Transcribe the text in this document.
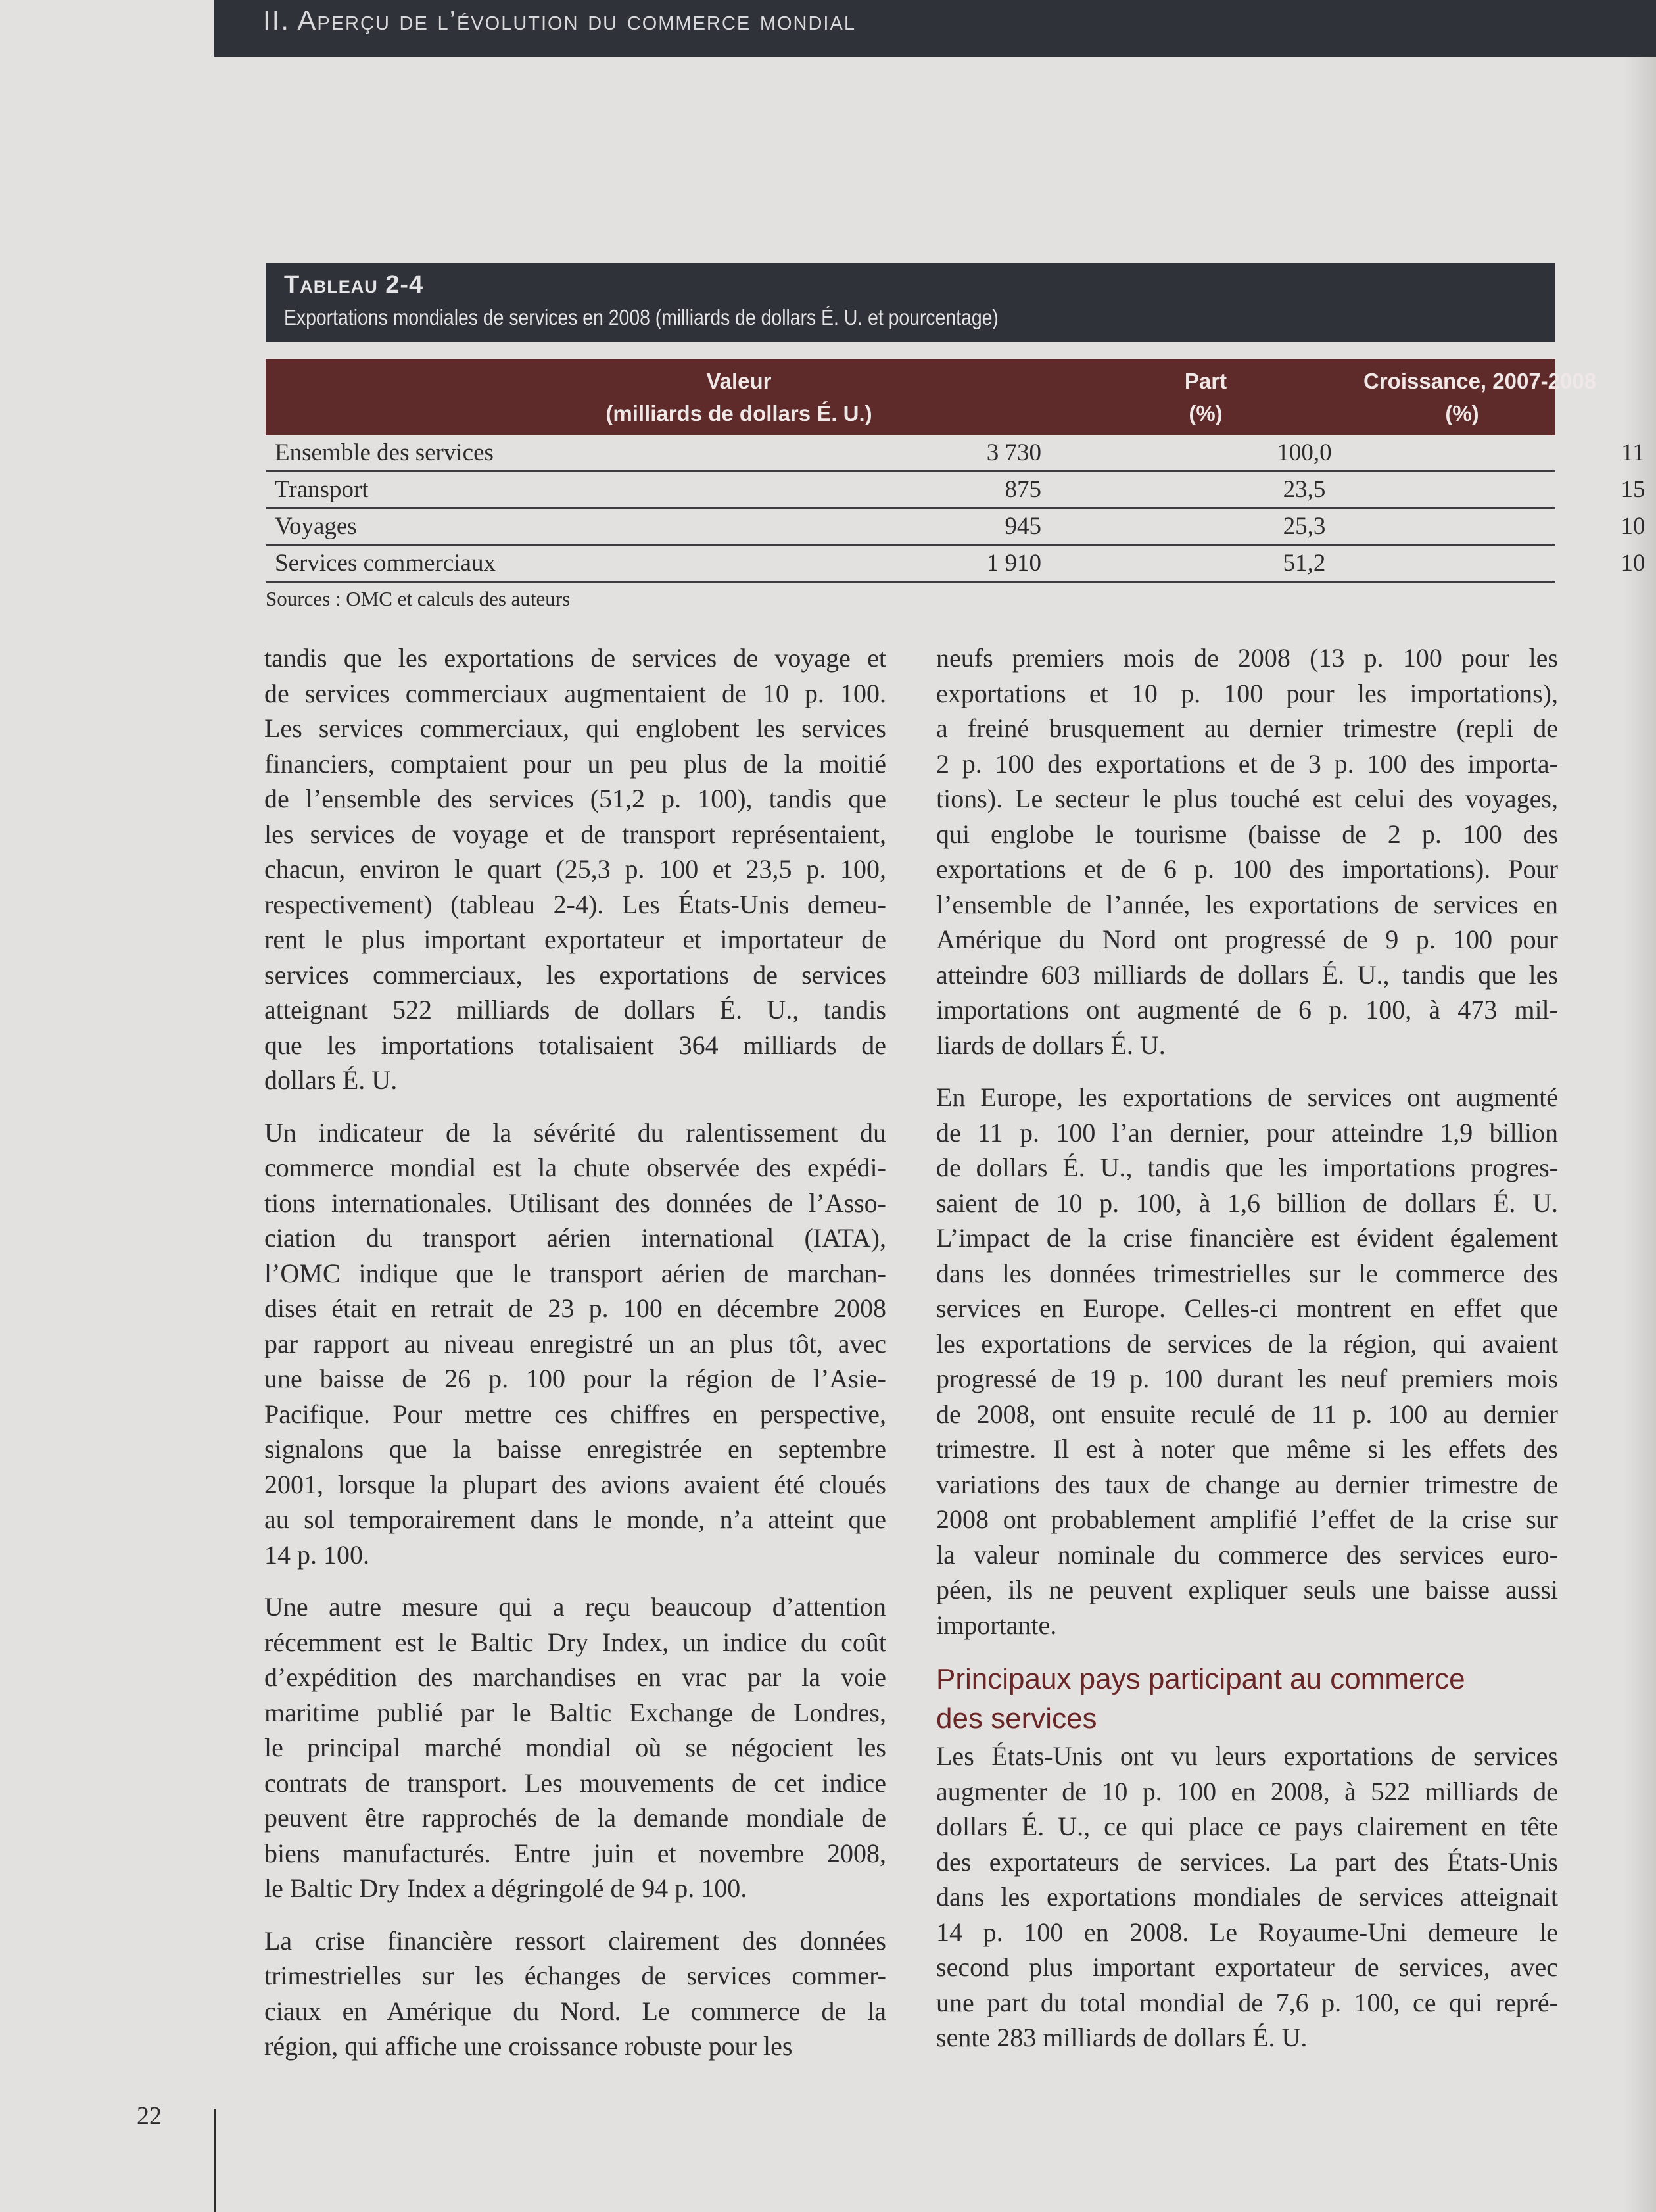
II. Aperçu de l’évolution du commerce mondial
Tableau 2-4
Exportations mondiales de services en 2008 (milliards de dollars É. U. et pourcentage)
Valeur
(milliards de dollars É. U.)
Part
(%)
Croissance, 2007-2008
(%)
Ensemble des services	3 730	100,0	11
Transport	875	23,5	15
Voyages	945	25,3	10
Services commerciaux	1 910	51,2	10
Sources : OMC et calculs des auteurs

tandis que les exportations de services de voyage et
de services commerciaux augmentaient de 10 p. 100.
Les services commerciaux, qui englobent les services
financiers, comptaient pour un peu plus de la moitié
de l’ensemble des services (51,2 p. 100), tandis que
les services de voyage et de transport représentaient,
chacun, environ le quart (25,3 p. 100 et 23,5 p. 100,
respectivement) (tableau 2-4). Les États-Unis demeu-
rent le plus important exportateur et importateur de
services commerciaux, les exportations de services
atteignant 522 milliards de dollars É. U., tandis
que les importations totalisaient 364 milliards de
dollars É. U.

Un indicateur de la sévérité du ralentissement du
commerce mondial est la chute observée des expédi-
tions internationales. Utilisant des données de l’Asso-
ciation du transport aérien international (IATA),
l’OMC indique que le transport aérien de marchan-
dises était en retrait de 23 p. 100 en décembre 2008
par rapport au niveau enregistré un an plus tôt, avec
une baisse de 26 p. 100 pour la région de l’Asie-
Pacifique. Pour mettre ces chiffres en perspective,
signalons que la baisse enregistrée en septembre
2001, lorsque la plupart des avions avaient été cloués
au sol temporairement dans le monde, n’a atteint que
14 p. 100.

Une autre mesure qui a reçu beaucoup d’attention
récemment est le Baltic Dry Index, un indice du coût
d’expédition des marchandises en vrac par la voie
maritime publié par le Baltic Exchange de Londres,
le principal marché mondial où se négocient les
contrats de transport. Les mouvements de cet indice
peuvent être rapprochés de la demande mondiale de
biens manufacturés. Entre juin et novembre 2008,
le Baltic Dry Index a dégringolé de 94 p. 100.

La crise financière ressort clairement des données
trimestrielles sur les échanges de services commer-
ciaux en Amérique du Nord. Le commerce de la
région, qui affiche une croissance robuste pour les

neufs premiers mois de 2008 (13 p. 100 pour les
exportations et 10 p. 100 pour les importations),
a freiné brusquement au dernier trimestre (repli de
2 p. 100 des exportations et de 3 p. 100 des importa-
tions). Le secteur le plus touché est celui des voyages,
qui englobe le tourisme (baisse de 2 p. 100 des
exportations et de 6 p. 100 des importations). Pour
l’ensemble de l’année, les exportations de services en
Amérique du Nord ont progressé de 9 p. 100 pour
atteindre 603 milliards de dollars É. U., tandis que les
importations ont augmenté de 6 p. 100, à 473 mil-
liards de dollars É. U.

En Europe, les exportations de services ont augmenté
de 11 p. 100 l’an dernier, pour atteindre 1,9 billion
de dollars É. U., tandis que les importations progres-
saient de 10 p. 100, à 1,6 billion de dollars É. U.
L’impact de la crise financière est évident également
dans les données trimestrielles sur le commerce des
services en Europe. Celles-ci montrent en effet que
les exportations de services de la région, qui avaient
progressé de 19 p. 100 durant les neuf premiers mois
de 2008, ont ensuite reculé de 11 p. 100 au dernier
trimestre. Il est à noter que même si les effets des
variations des taux de change au dernier trimestre de
2008 ont probablement amplifié l’effet de la crise sur
la valeur nominale du commerce des services euro-
péen, ils ne peuvent expliquer seuls une baisse aussi
importante.

Principaux pays participant au commerce
des services

Les États-Unis ont vu leurs exportations de services
augmenter de 10 p. 100 en 2008, à 522 milliards de
dollars É. U., ce qui place ce pays clairement en tête
des exportateurs de services. La part des États-Unis
dans les exportations mondiales de services atteignait
14 p. 100 en 2008. Le Royaume-Uni demeure le
second plus important exportateur de services, avec
une part du total mondial de 7,6 p. 100, ce qui repré-
sente 283 milliards de dollars É. U.

22
